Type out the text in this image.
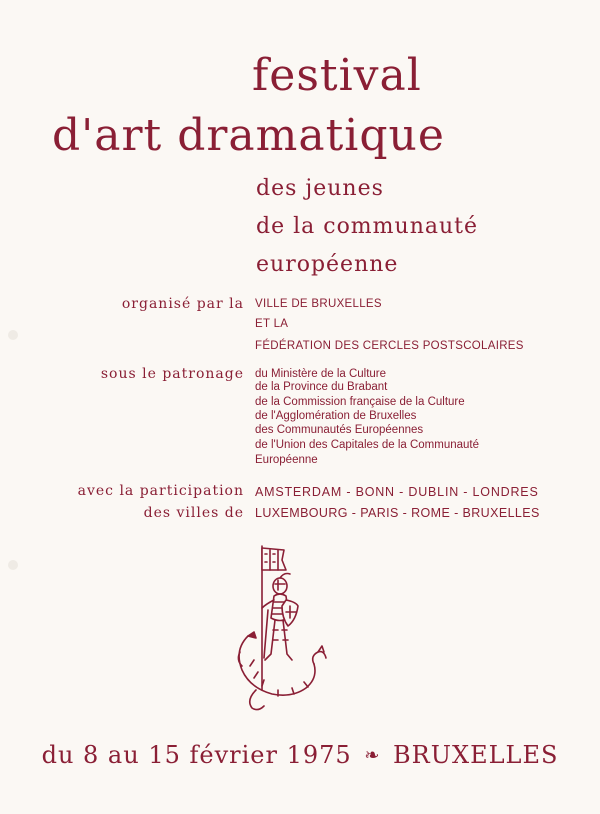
festival
d'art dramatique
des jeunes
de la communauté
européenne
organisé par la VILLE DE BRUXELLES
ET LA
FÉDÉRATION DES CERCLES POSTSCOLAIRES
sous le patronage du Ministère de la Culture
de la Province du Brabant
de la Commission française de la Culture
de l'Agglomération de Bruxelles
des Communautés Européennes
de l'Union des Capitales de la Communauté
Européenne
avec la participation
des villes de
AMSTERDAM - BONN - DUBLIN - LONDRES
LUXEMBOURG - PARIS - ROME - BRUXELLES
du 8 au 15 février 1975 ❧ BRUXELLES
